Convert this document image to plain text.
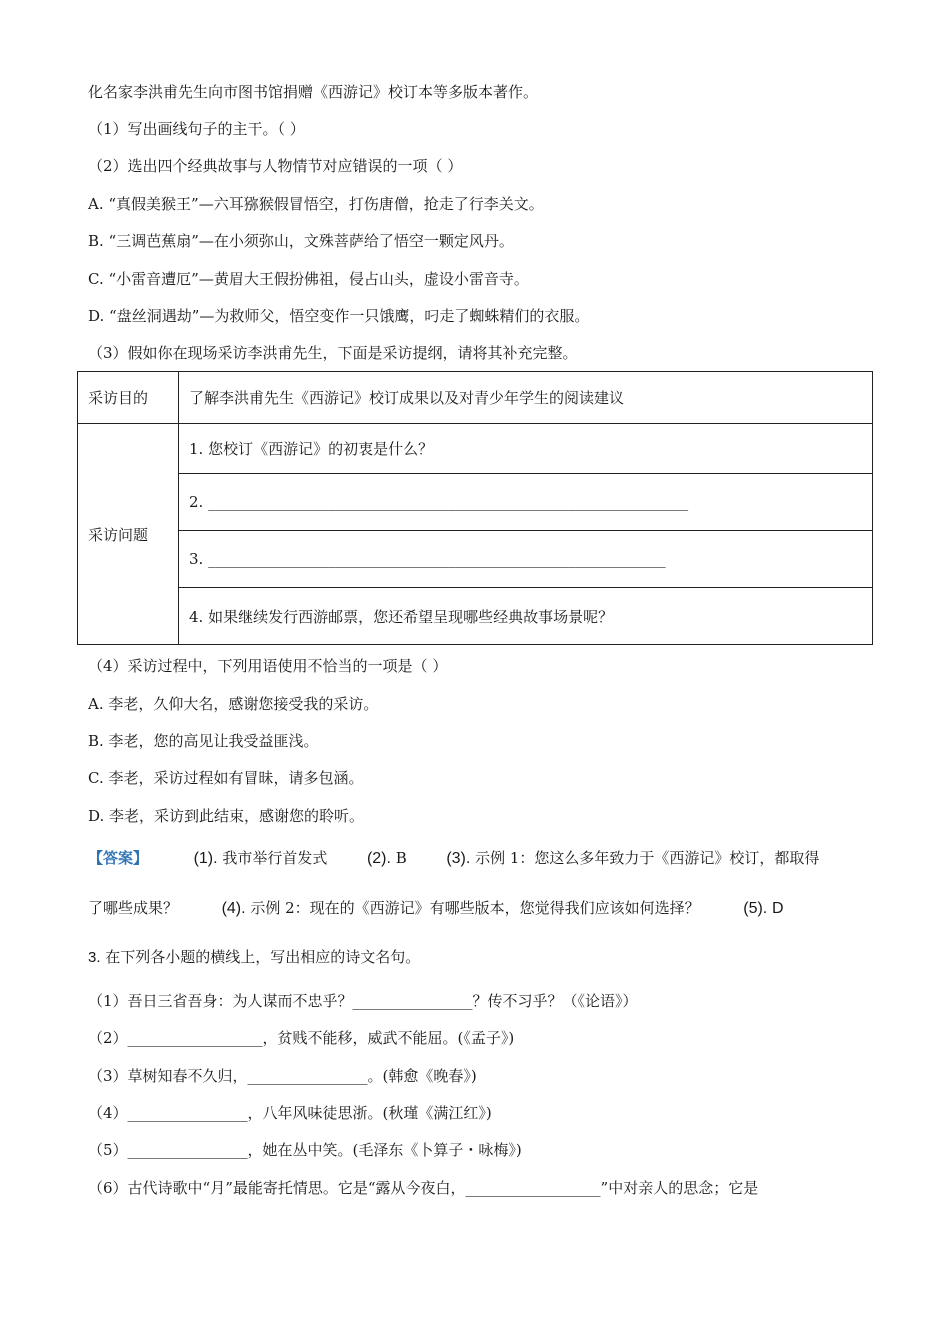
化名家李洪甫先生向市图书馆捐赠《西游记》校订本等多版本著作。
（1）写出画线句子的主干。（ ）
（2）选出四个经典故事与人物情节对应错误的一项（ ）
A. “真假美猴王”—六耳猕猴假冒悟空，打伤唐僧，抢走了行李关文。
B. “三调芭蕉扇”—在小须弥山，文殊菩萨给了悟空一颗定风丹。
C. “小雷音遭厄”—黄眉大王假扮佛祖，侵占山头，虚设小雷音寺。
D. “盘丝洞遇劫”—为救师父，悟空变作一只饿鹰，叼走了蜘蛛精们的衣服。
（3）假如你在现场采访李洪甫先生，下面是采访提纲，请将其补充完整。
采访目的	了解李洪甫先生《西游记》校订成果以及对青少年学生的阅读建议
采访问题	1. 您校订《西游记》的初衷是什么？
	2. ________________________________________________________________
	3. _____________________________________________________________
	4. 如果继续发行西游邮票，您还希望呈现哪些经典故事场景呢？
（4）采访过程中，下列用语使用不恰当的一项是（ ）
A. 李老，久仰大名，感谢您接受我的采访。
B. 李老，您的高见让我受益匪浅。
C. 李老，采访过程如有冒昧，请多包涵。
D. 李老，采访到此结束，感谢您的聆听。
【答案】	(1). 我市举行首发式 (2). B (3). 示例 1：您这么多年致力于《西游记》校订，都取得
了哪些成果？	(4). 示例 2：现在的《西游记》有哪些版本，您觉得我们应该如何选择？	(5). D
3. 在下列各小题的横线上，写出相应的诗文名句。
（1）吾日三省吾身：为人谋而不忠乎？________________？传不习乎？（《论语》）
（2）__________________，贫贱不能移，威武不能屈。(《孟子》)
（3）草树知春不久归，________________。(韩愈《晚春》)
（4）________________，八年风味徒思浙。(秋瑾《满江红》)
（5）________________，她在丛中笑。(毛泽东《卜算子・咏梅》)
（6）古代诗歌中“月”最能寄托情思。它是“露从今夜白，__________________”中对亲人的思念；它是
